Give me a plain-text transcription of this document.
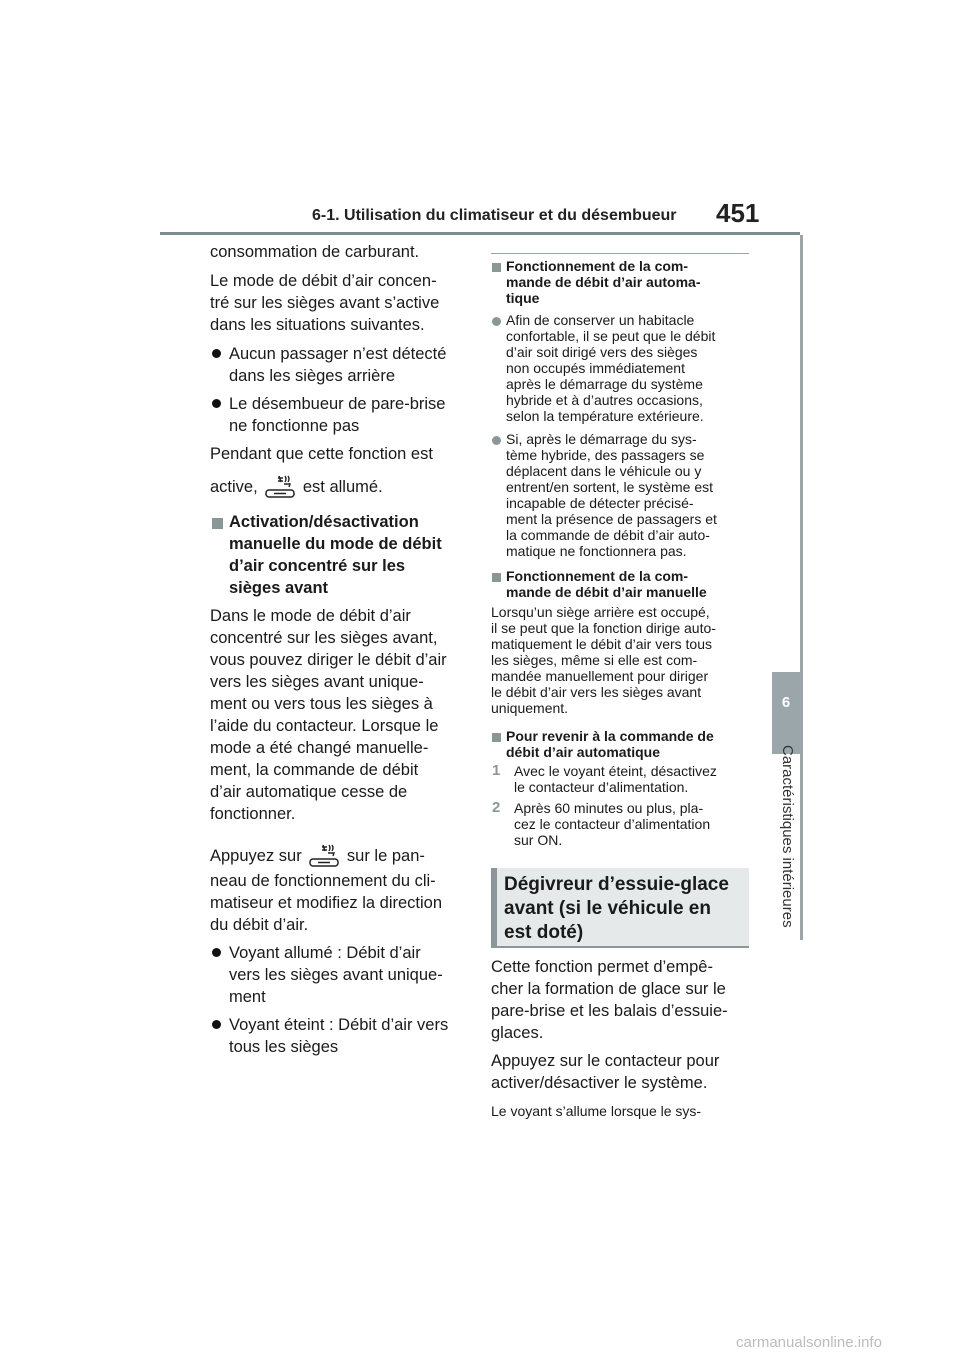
6-1. Utilisation du climatiseur et du désembueur 451
6
Caractéristiques intérieures

consommation de carburant.

Le mode de débit d’air concen-

tré sur les sièges avant s’active

dans les situations suivantes.

Aucun passager n’est détecté

dans les sièges arrière

Le désembueur de pare-brise

ne fonctionne pas

Pendant que cette fonction est

active,	est allumé.

Activation/désactivation

manuelle du mode de débit

d’air concentré sur les

sièges avant

Dans le mode de débit d’air

concentré sur les sièges avant,

vous pouvez diriger le débit d’air

vers les sièges avant unique-

ment ou vers tous les sièges à

l’aide du contacteur. Lorsque le

mode a été changé manuelle-

ment, la commande de débit

d’air automatique cesse de

fonctionner.

Appuyez sur	sur le pan-

neau de fonctionnement du cli-

matiseur et modifiez la direction

du débit d’air.

Voyant allumé : Débit d’air

vers les sièges avant unique-

ment

Voyant éteint : Débit d’air vers

tous les sièges

Fonctionnement de la com-

mande de débit d’air automa-

tique

Afin de conserver un habitacle

confortable, il se peut que le débit

d’air soit dirigé vers des sièges

non occupés immédiatement

après le démarrage du système

hybride et à d’autres occasions,

selon la température extérieure.

Si, après le démarrage du sys-

tème hybride, des passagers se

déplacent dans le véhicule ou y

entrent/en sortent, le système est

incapable de détecter précisé-

ment la présence de passagers et

la commande de débit d’air auto-

matique ne fonctionnera pas.

Fonctionnement de la com-

mande de débit d’air manuelle

Lorsqu’un siège arrière est occupé,

il se peut que la fonction dirige auto-

matiquement le débit d’air vers tous

les sièges, même si elle est com-

mandée manuellement pour diriger

le débit d’air vers les sièges avant

uniquement.

Pour revenir à la commande de

débit d’air automatique

1 Avec le voyant éteint, désactivez

le contacteur d’alimentation.

2 Après 60 minutes ou plus, pla-

cez le contacteur d’alimentation

sur ON.

Dégivreur d’essuie-glace
avant (si le véhicule en
est doté)

Cette fonction permet d’empê-

cher la formation de glace sur le

pare-brise et les balais d’essuie-

glaces.

Appuyez sur le contacteur pour

activer/désactiver le système.

Le voyant s’allume lorsque le sys-

carmanualsonline.info
